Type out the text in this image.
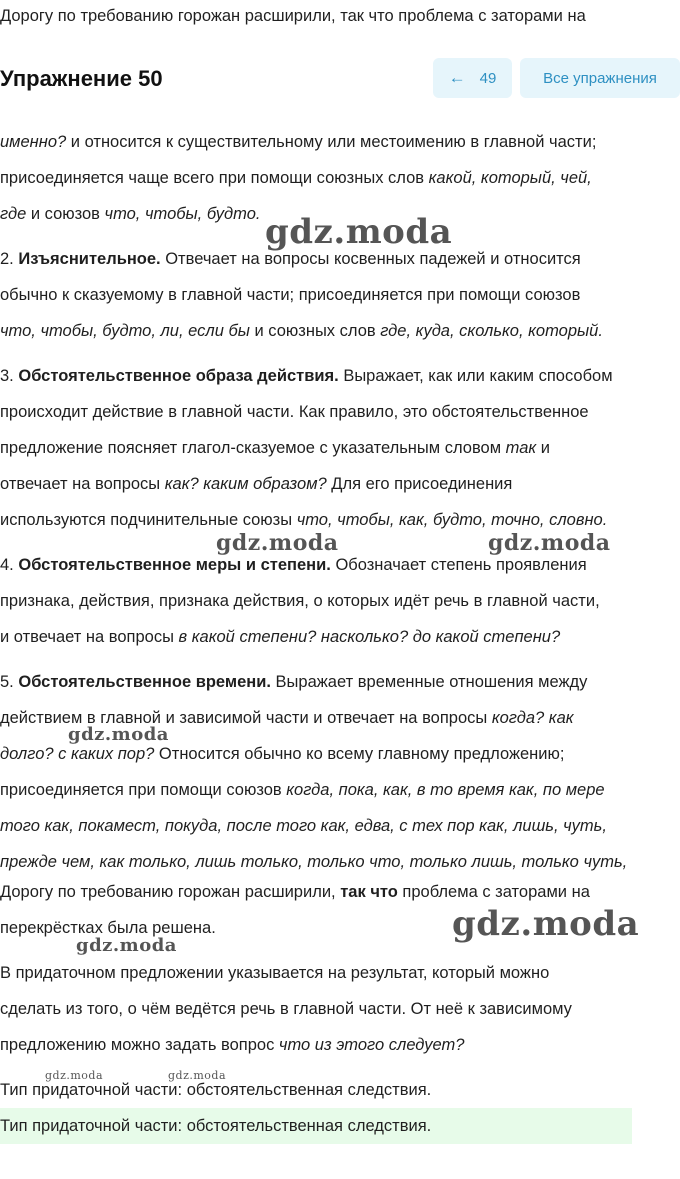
Дорогу по требованию горожан расширили, так что проблема с заторами на
Упражнение 50	← 49	Все упражнения
именно? и относится к существительному или местоимению в главной части;
присоединяется чаще всего при помощи союзных слов какой, который, чей,
где и союзов что, чтобы, будто.
2. Изъяснительное. Отвечает на вопросы косвенных падежей и относится
обычно к сказуемому в главной части; присоединяется при помощи союзов
что, чтобы, будто, ли, если бы и союзных слов где, куда, сколько, который.
3. Обстоятельственное образа действия. Выражает, как или каким способом
происходит действие в главной части. Как правило, это обстоятельственное
предложение поясняет глагол-сказуемое с указательным словом так и
отвечает на вопросы как? каким образом? Для его присоединения
используются подчинительные союзы что, чтобы, как, будто, точно, словно.
4. Обстоятельственное меры и степени. Обозначает степень проявления
признака, действия, признака действия, о которых идёт речь в главной части,
и отвечает на вопросы в какой степени? насколько? до какой степени?
5. Обстоятельственное времени. Выражает временные отношения между
действием в главной и зависимой части и отвечает на вопросы когда? как
долго? с каких пор? Относится обычно ко всему главному предложению;
присоединяется при помощи союзов когда, пока, как, в то время как, по мере
того как, покамест, покуда, после того как, едва, с тех пор как, лишь, чуть,
прежде чем, как только, лишь только, только что, только лишь, только чуть,
Дорогу по требованию горожан расширили, так что проблема с заторами на
перекрёстках была решена.
В придаточном предложении указывается на результат, который можно
сделать из того, о чём ведётся речь в главной части. От неё к зависимому
предложению можно задать вопрос что из этого следует?
Тип придаточной части: обстоятельственная следствия.
Тип придаточной части: обстоятельственная следствия.
gdz.moda
gdz.moda	gdz.moda
gdz.moda
gdz.moda
gdz.moda
gdz.moda	gdz.moda
